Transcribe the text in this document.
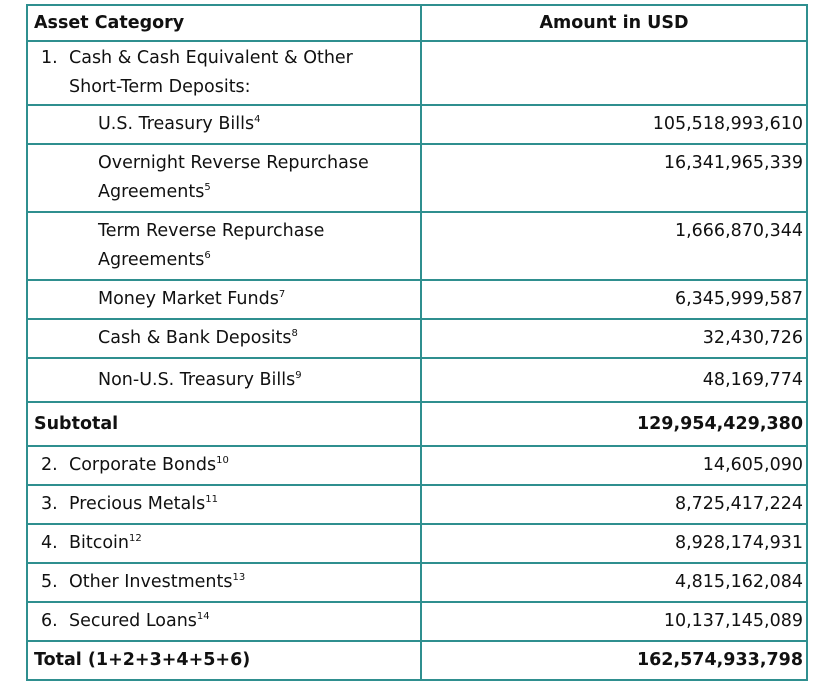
Asset Category	Amount in USD
1. Cash & Cash Equivalent & Other
Short-Term Deposits:	
U.S. Treasury Bills$^4$	105,518,993,610
Overnight Reverse Repurchase
Agreements$^5$	16,341,965,339
Term Reverse Repurchase
Agreements$^6$	1,666,870,344
Money Market Funds$^7$	6,345,999,587
Cash & Bank Deposits$^8$	32,430,726
Non-U.S. Treasury Bills$^9$	48,169,774
Subtotal	129,954,429,380
2. Corporate Bonds$^{10}$	14,605,090
3. Precious Metals$^{11}$	8,725,417,224
4. Bitcoin$^{12}$	8,928,174,931
5. Other Investments$^{13}$	4,815,162,084
6. Secured Loans$^{14}$	10,137,145,089
Total (1+2+3+4+5+6)	162,574,933,798
